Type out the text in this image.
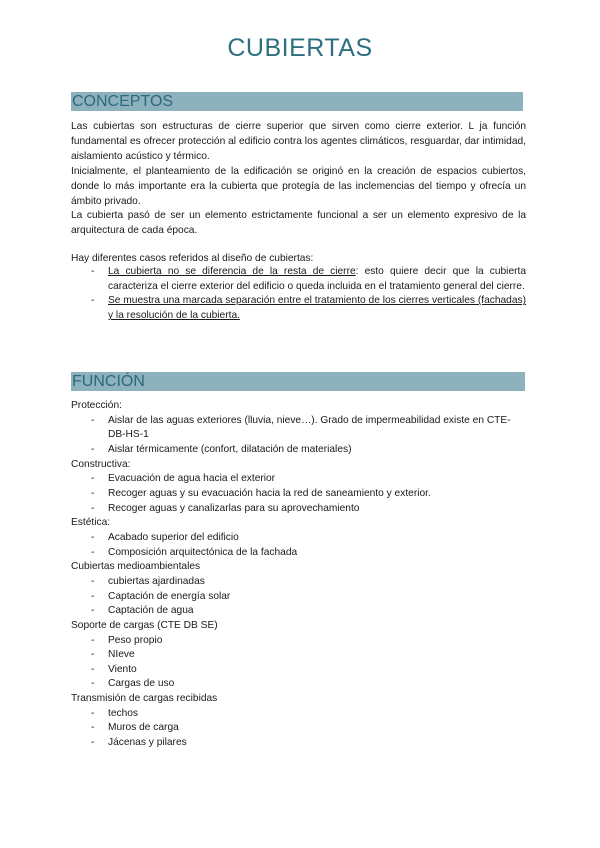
CUBIERTAS
CONCEPTOS

Las cubiertas son estructuras de cierre superior que sirven como cierre exterior. L ja función fundamental es ofrecer protección al edificio contra los agentes climáticos, resguardar, dar intimidad, aislamiento acústico y térmico.

Inicialmente, el planteamiento de la edificación se originó en la creación de espacios cubiertos, donde lo más importante era la cubierta que protegía de las inclemencias del tiempo y ofrecía un ámbito privado.

La cubierta pasó de ser un elemento estrictamente funcional a ser un elemento expresivo de la arquitectura de cada época.

Hay diferentes casos referidos al diseño de cubiertas:

-	La cubierta no se diferencia de la resta de cierre: esto quiere decir que la cubierta caracteriza el cierre exterior del edificio o queda incluida en el tratamiento general del cierre.
-	Se muestra una marcada separación entre el tratamiento de los cierres verticales (fachadas) y la resolución de la cubierta.
FUNCIÓN
Protección:
-	Aislar de las aguas exteriores (lluvia, nieve…). Grado de impermeabilidad existe en CTE-DB-HS-1
-	Aislar térmicamente (confort, dilatación de materiales)
Constructiva:
-	Evacuación de agua hacia el exterior
-	Recoger aguas y su evacuación hacia la red de saneamiento y exterior.
-	Recoger aguas y canalizarlas para su aprovechamiento
Estética:
-	Acabado superior del edificio
-	Composición arquitectónica de la fachada
Cubiertas medioambientales
-	cubiertas ajardinadas
-	Captación de energía solar
-	Captación de agua
Soporte de cargas (CTE DB SE)
-	Peso propio
-	NIeve
-	Viento
-	Cargas de uso
Transmisión de cargas recibidas
-	techos
-	Muros de carga
-	Jácenas y pilares
